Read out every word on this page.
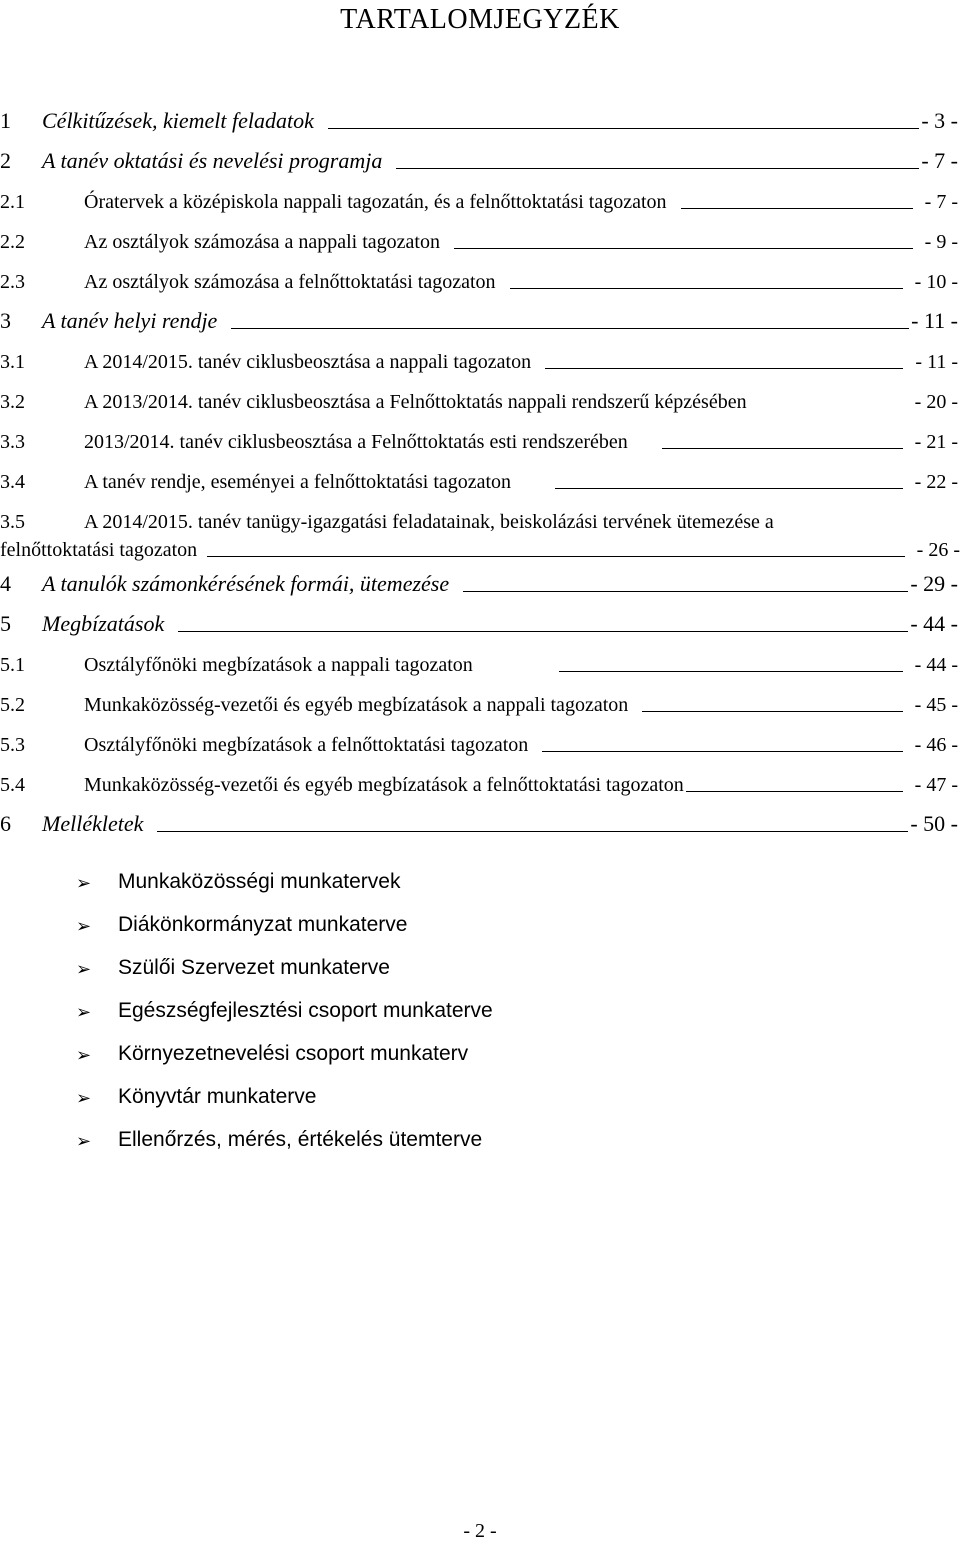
TARTALOMJEGYZÉK
1	Célkitűzések, kiemelt feladatok	- 3 -
2	A tanév oktatási és nevelési programja	- 7 -
2.1	Óratervek a középiskola nappali tagozatán, és a felnőttoktatási tagozaton	- 7 -
2.2	Az osztályok számozása a nappali tagozaton	- 9 -
2.3	Az osztályok számozása a felnőttoktatási tagozaton	- 10 -
3	A tanév helyi rendje	- 11 -
3.1	A 2014/2015. tanév ciklusbeosztása a nappali tagozaton	- 11 -
3.2	A 2013/2014. tanév ciklusbeosztása a Felnőttoktatás nappali rendszerű képzésében	- 20 -
3.3	2013/2014. tanév ciklusbeosztása a Felnőttoktatás esti rendszerében	- 21 -
3.4	A tanév rendje, eseményei a felnőttoktatási tagozaton	- 22 -
3.5	A 2014/2015. tanév tanügy-igazgatási feladatainak, beiskolázási tervének ütemezése a
felnőttoktatási tagozaton	- 26 -
4	A tanulók számonkérésének formái, ütemezése	- 29 -
5	Megbízatások	- 44 -
5.1	Osztályfőnöki megbízatások a nappali tagozaton	- 44 -
5.2	Munkaközösség-vezetői és egyéb megbízatások a nappali tagozaton	- 45 -
5.3	Osztályfőnöki megbízatások a felnőttoktatási tagozaton	- 46 -
5.4	Munkaközösség-vezetői és egyéb megbízatások a felnőttoktatási tagozaton	- 47 -
6	Mellékletek	- 50 -
➢	Munkaközösségi munkatervek
➢	Diákönkormányzat munkaterve
➢	Szülői Szervezet munkaterve
➢	Egészségfejlesztési csoport munkaterve
➢	Környezetnevelési csoport munkaterv
➢	Könyvtár munkaterve
➢	Ellenőrzés, mérés, értékelés ütemterve
- 2 -
